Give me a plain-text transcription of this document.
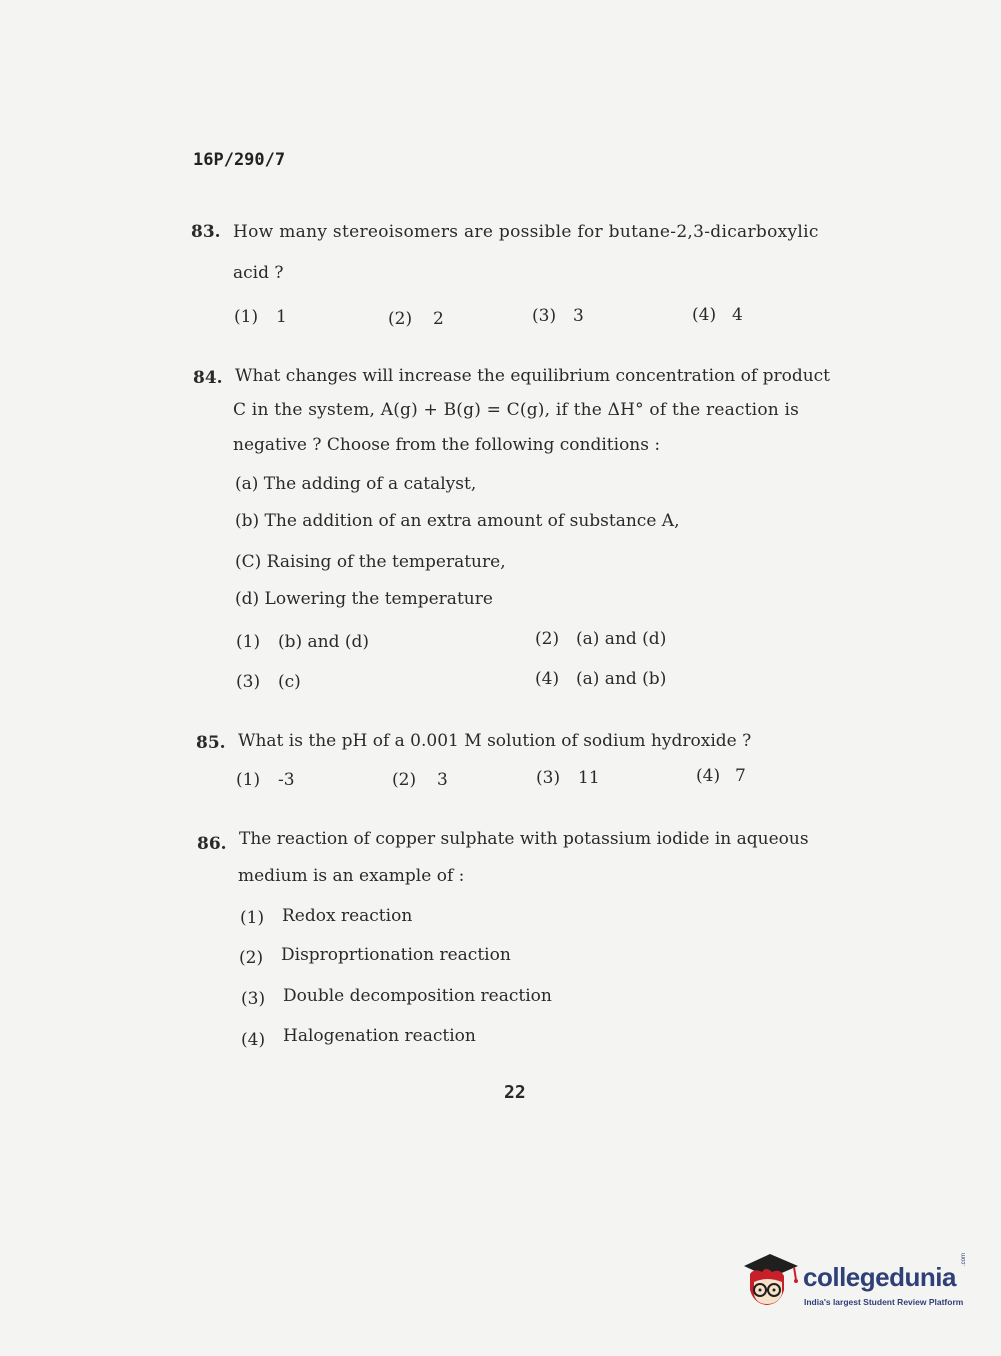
16P/290/7
83. How many stereoisomers are possible for butane-2,3-dicarboxylic
acid ?
(1) 1	(2) 2	(3) 3	(4) 4
84. What changes will increase the equilibrium concentration of product
C in the system, A(g) + B(g) = C(g), if the ΔH° of the reaction is
negative ? Choose from the following conditions :
(a) The adding of a catalyst,
(b) The addition of an extra amount of substance A,
(C) Raising of the temperature,
(d) Lowering the temperature
(1) (b) and (d)	(2) (a) and (d)
(3) (c)	(4) (a) and (b)
85. What is the pH of a 0.001 M solution of sodium hydroxide ?
(1) -3	(2) 3	(3) 11	(4) 7
86. The reaction of copper sulphate with potassium iodide in aqueous
medium is an example of :
(1) Redox reaction
(2) Disproprtionation reaction
(3) Double decomposition reaction
(4) Halogenation reaction
22
collegedunia
.com
India's largest Student Review Platform
